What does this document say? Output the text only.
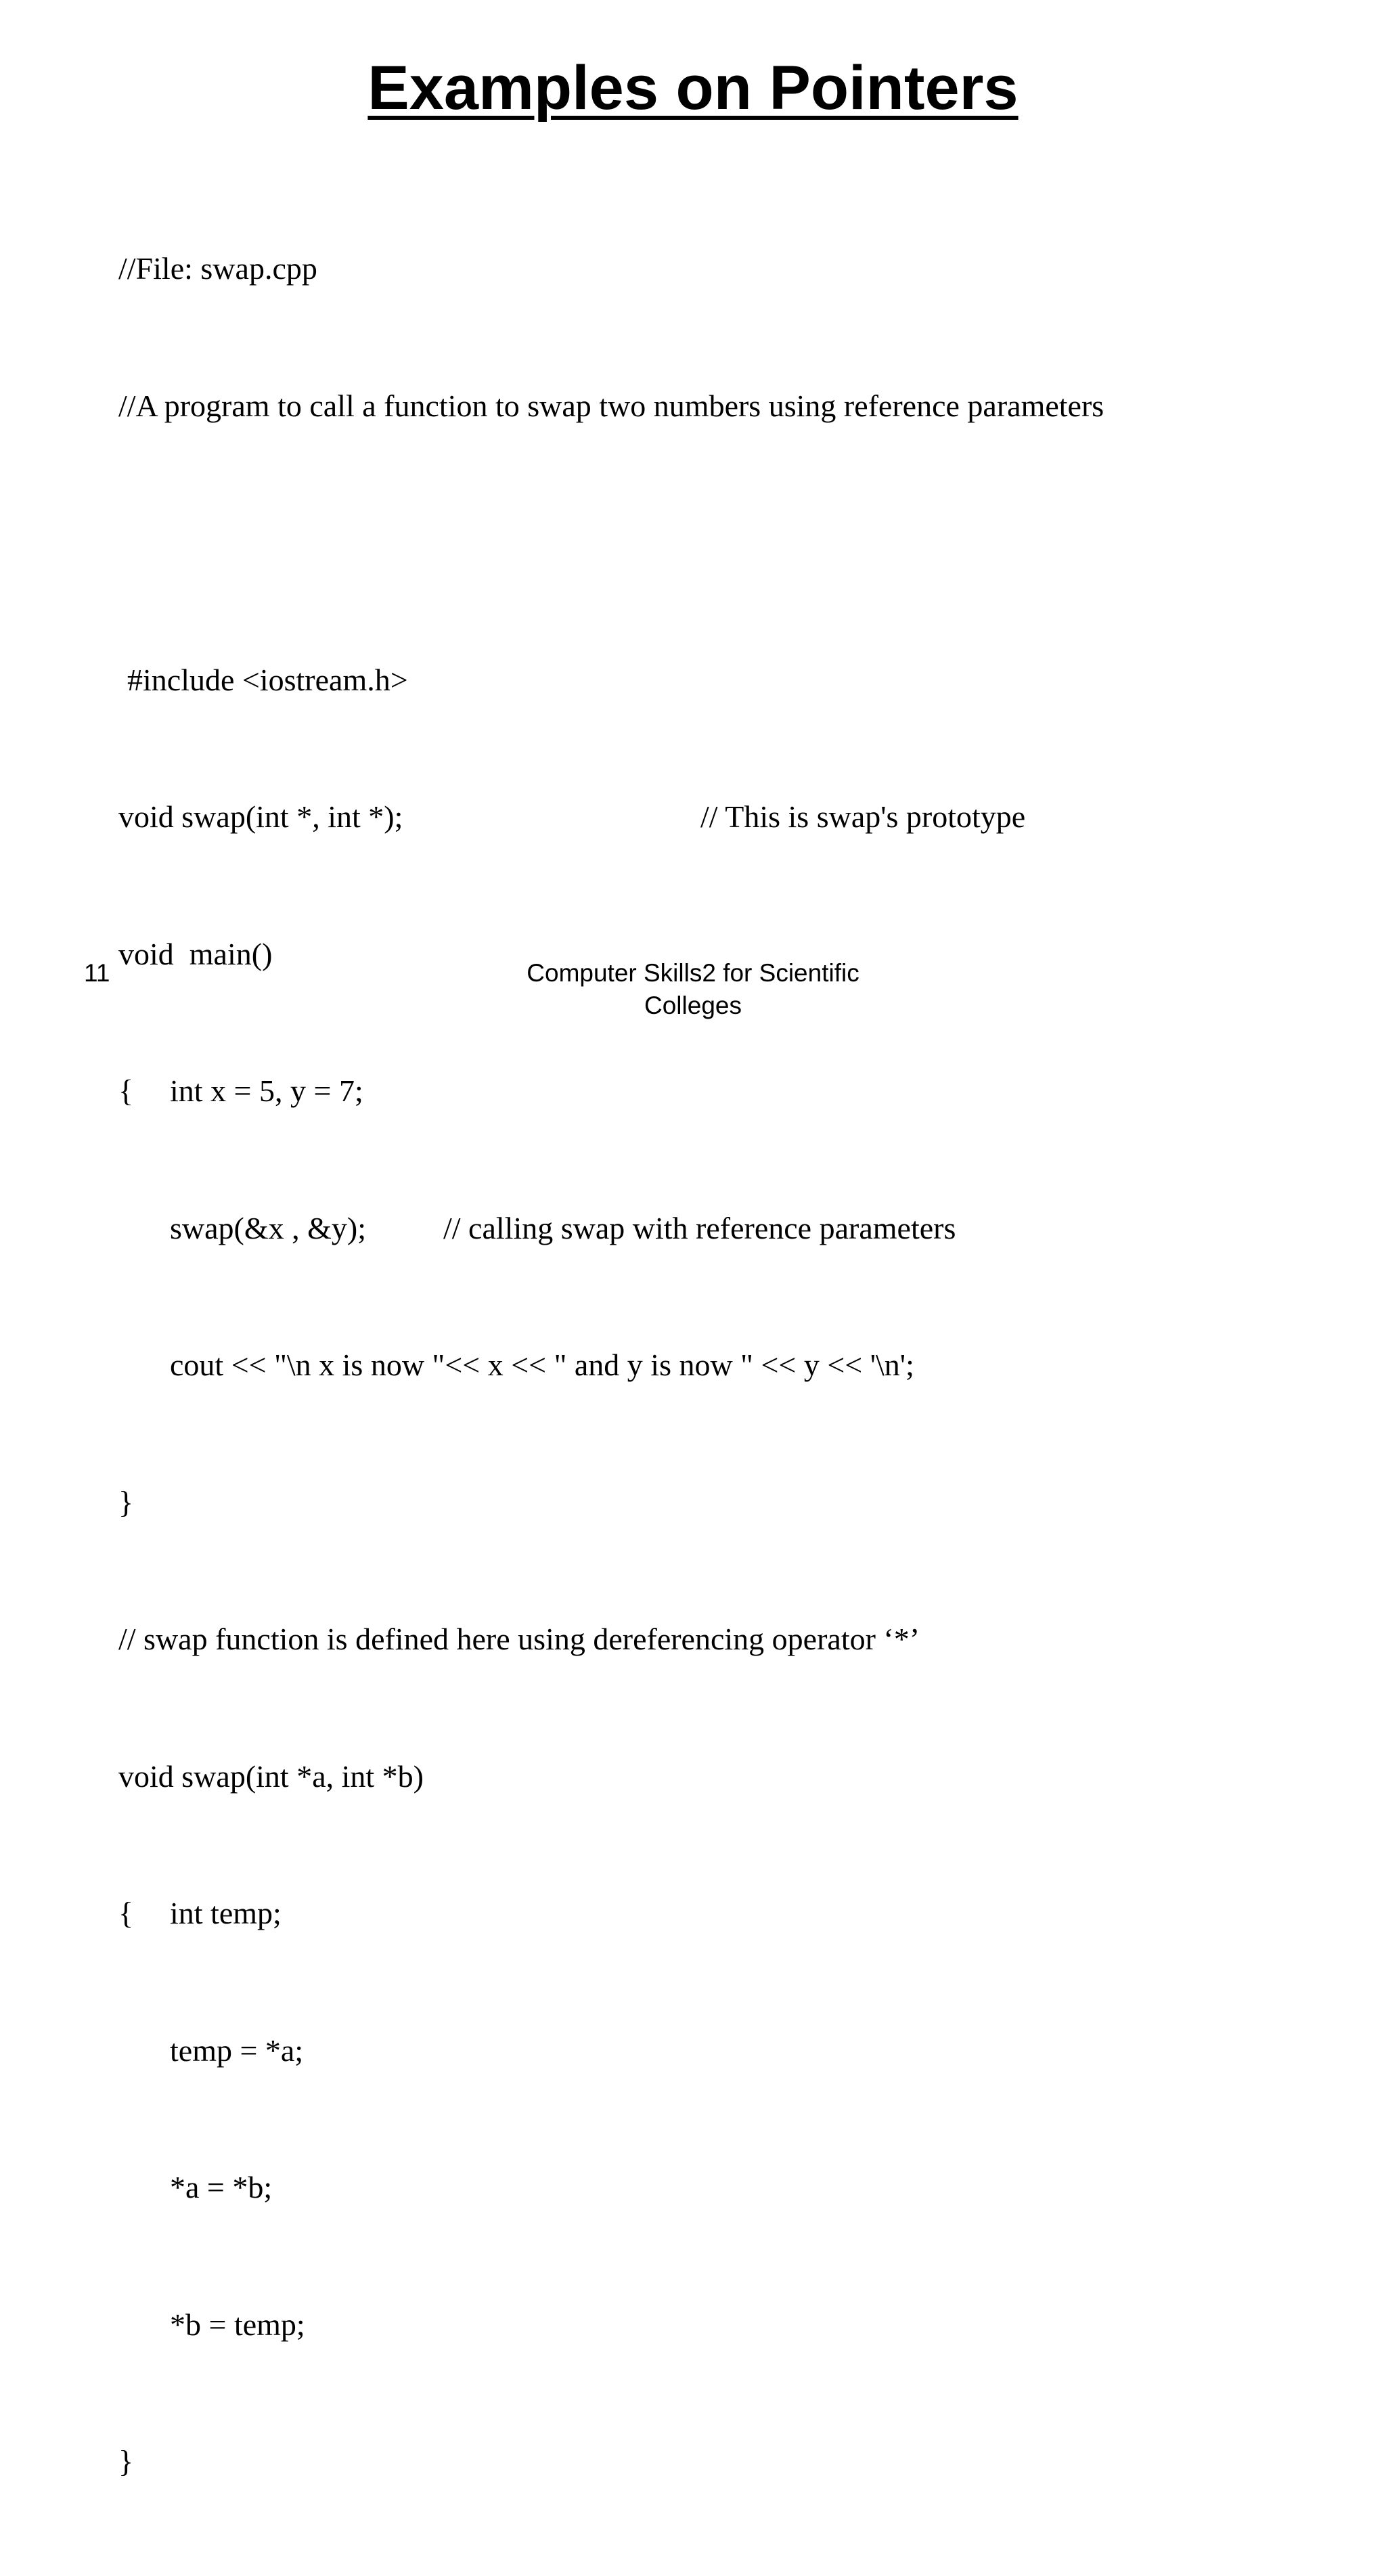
Examples on Pointers

//File: swap.cpp

//A program to call a function to swap two numbers using reference parameters

#include <iostream.h>

void swap(int *, int *);	// This is swap's prototype

void  main()

{ int x = 5, y = 7;

swap(&x , &y); // calling swap with reference parameters

cout << "\n x is now "<< x << " and y is now " << y << '\n';

}

// swap function is defined here using dereferencing operator ‘*’

void swap(int *a, int *b)

{ int temp;

temp = *a;

*a = *b;

*b = temp;

}

11	Computer Skills2 for Scientific
Colleges
